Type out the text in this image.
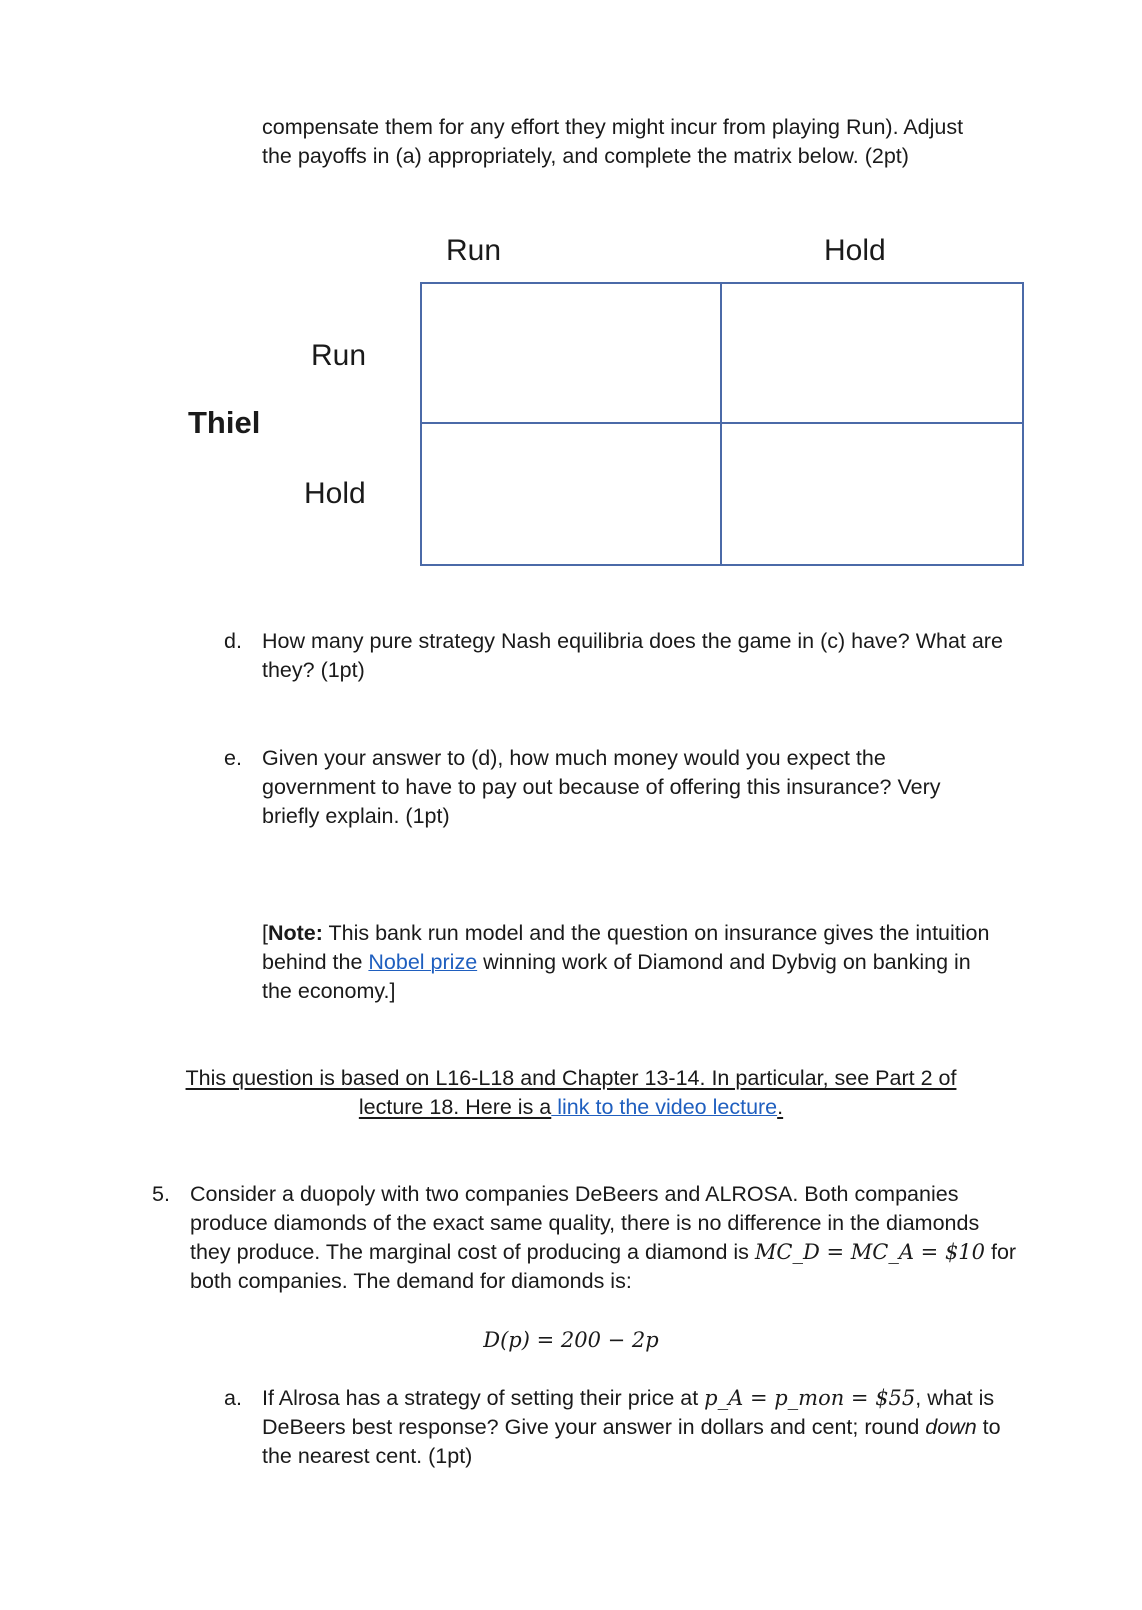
compensate them for any effort they might incur from playing Run). Adjust
the payoffs in (a) appropriately, and complete the matrix below. (2pt)
Run	Hold
Run
Thiel
Hold
d. How many pure strategy Nash equilibria does the game in (c) have? What are
they? (1pt)
e. Given your answer to (d), how much money would you expect the
government to have to pay out because of offering this insurance? Very
briefly explain. (1pt)
[Note: This bank run model and the question on insurance gives the intuition
behind the Nobel prize winning work of Diamond and Dybvig on banking in
the economy.]
This question is based on L16-L18 and Chapter 13-14. In particular, see Part 2 of
lecture 18. Here is a link to the video lecture.
5. Consider a duopoly with two companies DeBeers and ALROSA. Both companies
produce diamonds of the exact same quality, there is no difference in the diamonds
they produce. The marginal cost of producing a diamond is MC_D = MC_A = $10 for
both companies. The demand for diamonds is:
D(p) = 200 − 2p
a. If Alrosa has a strategy of setting their price at p_A = p_mon = $55, what is
DeBeers best response? Give your answer in dollars and cent; round down to
the nearest cent. (1pt)
